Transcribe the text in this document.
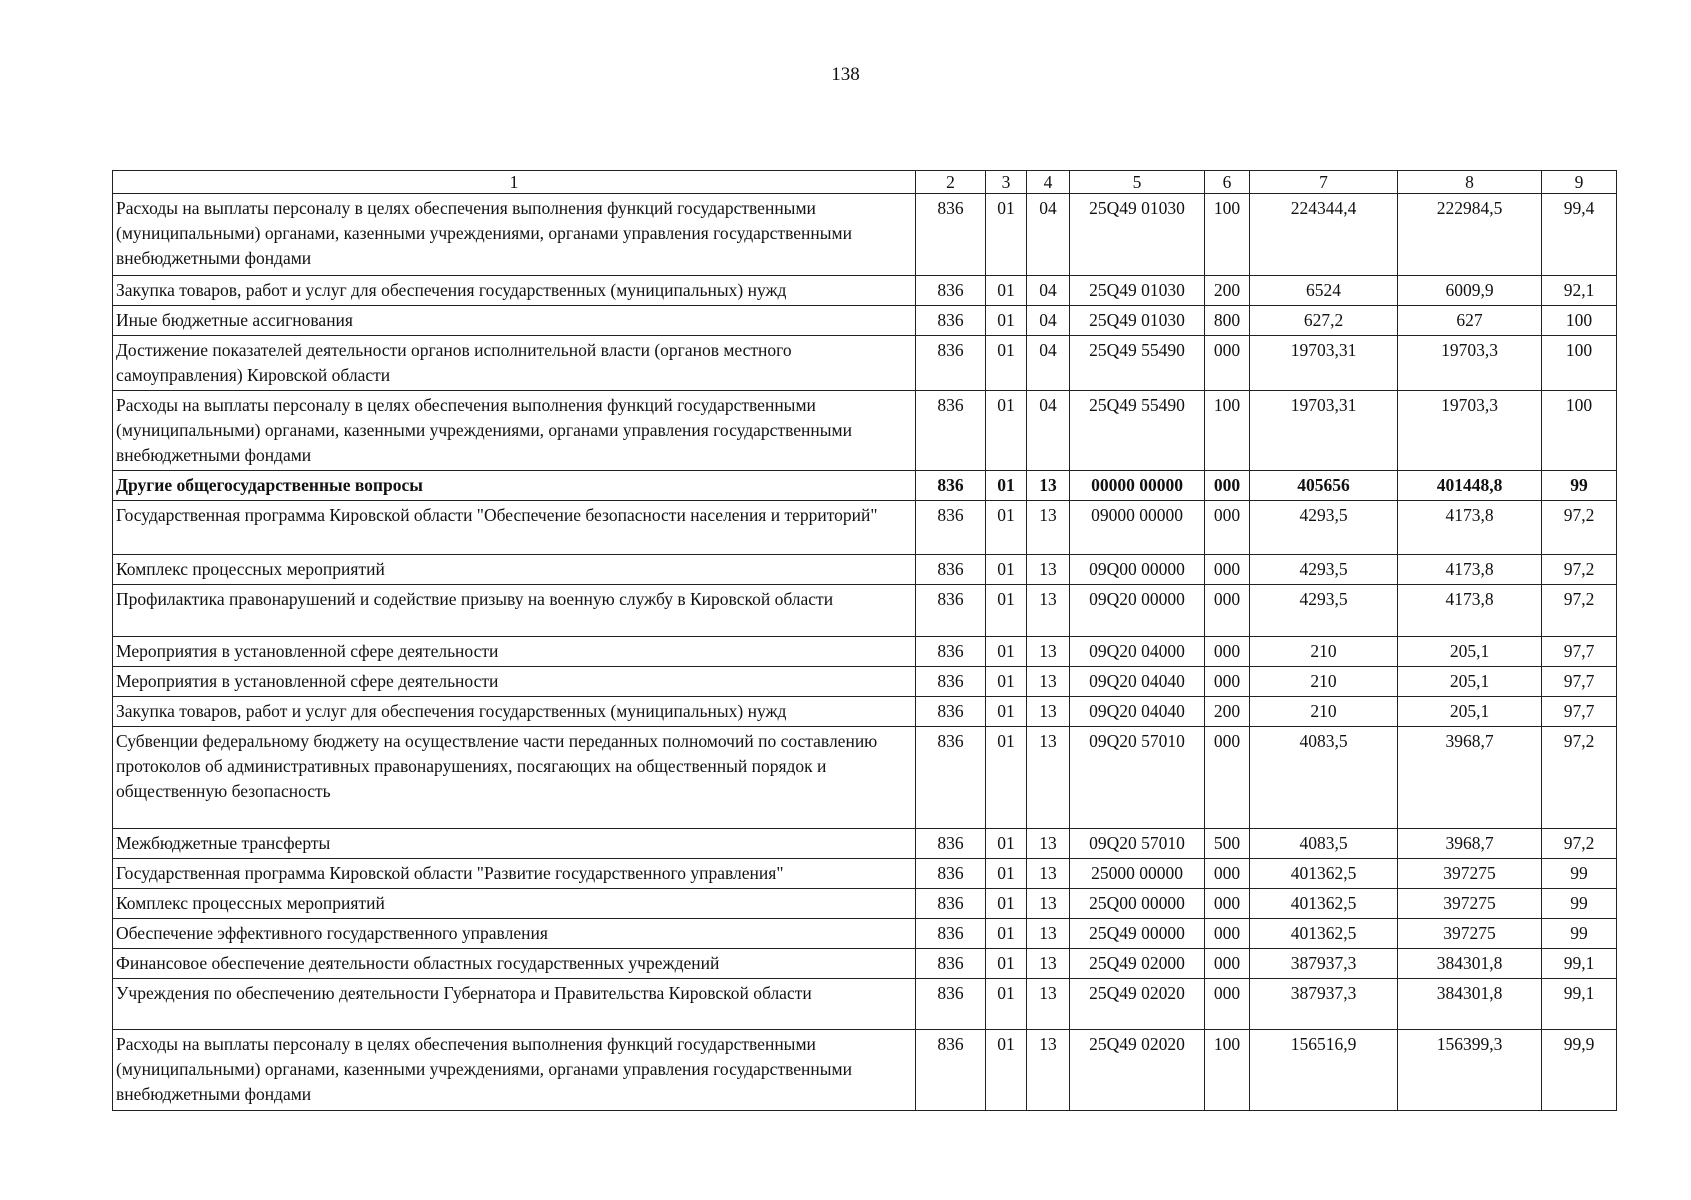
138
1	2	3	4	5	6	7	8	9
Расходы на выплаты персоналу в целях обеспечения выполнения функций государственными (муниципальными) органами, казенными учреждениями, органами управления государственными внебюджетными фондами	836	01	04	25Q49 01030	100	224344,4	222984,5	99,4
Закупка товаров, работ и услуг для обеспечения государственных (муниципальных) нужд	836	01	04	25Q49 01030	200	6524	6009,9	92,1
Иные бюджетные ассигнования	836	01	04	25Q49 01030	800	627,2	627	100
Достижение показателей деятельности органов исполнительной власти (органов местного самоуправления) Кировской области	836	01	04	25Q49 55490	000	19703,31	19703,3	100
Расходы на выплаты персоналу в целях обеспечения выполнения функций государственными (муниципальными) органами, казенными учреждениями, органами управления государственными внебюджетными фондами	836	01	04	25Q49 55490	100	19703,31	19703,3	100
Другие общегосударственные вопросы	836	01	13	00000 00000	000	405656	401448,8	99
Государственная программа Кировской области "Обеспечение безопасности населения и территорий"	836	01	13	09000 00000	000	4293,5	4173,8	97,2
Комплекс процессных мероприятий	836	01	13	09Q00 00000	000	4293,5	4173,8	97,2
Профилактика правонарушений и содействие призыву на военную службу в Кировской области	836	01	13	09Q20 00000	000	4293,5	4173,8	97,2
Мероприятия в установленной сфере деятельности	836	01	13	09Q20 04000	000	210	205,1	97,7
Мероприятия в установленной сфере деятельности	836	01	13	09Q20 04040	000	210	205,1	97,7
Закупка товаров, работ и услуг для обеспечения государственных (муниципальных) нужд	836	01	13	09Q20 04040	200	210	205,1	97,7
Субвенции федеральному бюджету на осуществление части переданных полномочий по составлению протоколов об административных правонарушениях, посягающих на общественный порядок и общественную безопасность	836	01	13	09Q20 57010	000	4083,5	3968,7	97,2
Межбюджетные трансферты	836	01	13	09Q20 57010	500	4083,5	3968,7	97,2
Государственная программа Кировской области "Развитие государственного управления"	836	01	13	25000 00000	000	401362,5	397275	99
Комплекс процессных мероприятий	836	01	13	25Q00 00000	000	401362,5	397275	99
Обеспечение эффективного государственного управления	836	01	13	25Q49 00000	000	401362,5	397275	99
Финансовое обеспечение деятельности областных государственных учреждений	836	01	13	25Q49 02000	000	387937,3	384301,8	99,1
Учреждения по обеспечению деятельности Губернатора и Правительства Кировской области	836	01	13	25Q49 02020	000	387937,3	384301,8	99,1
Расходы на выплаты персоналу в целях обеспечения выполнения функций государственными (муниципальными) органами, казенными учреждениями, органами управления государственными внебюджетными фондами	836	01	13	25Q49 02020	100	156516,9	156399,3	99,9
